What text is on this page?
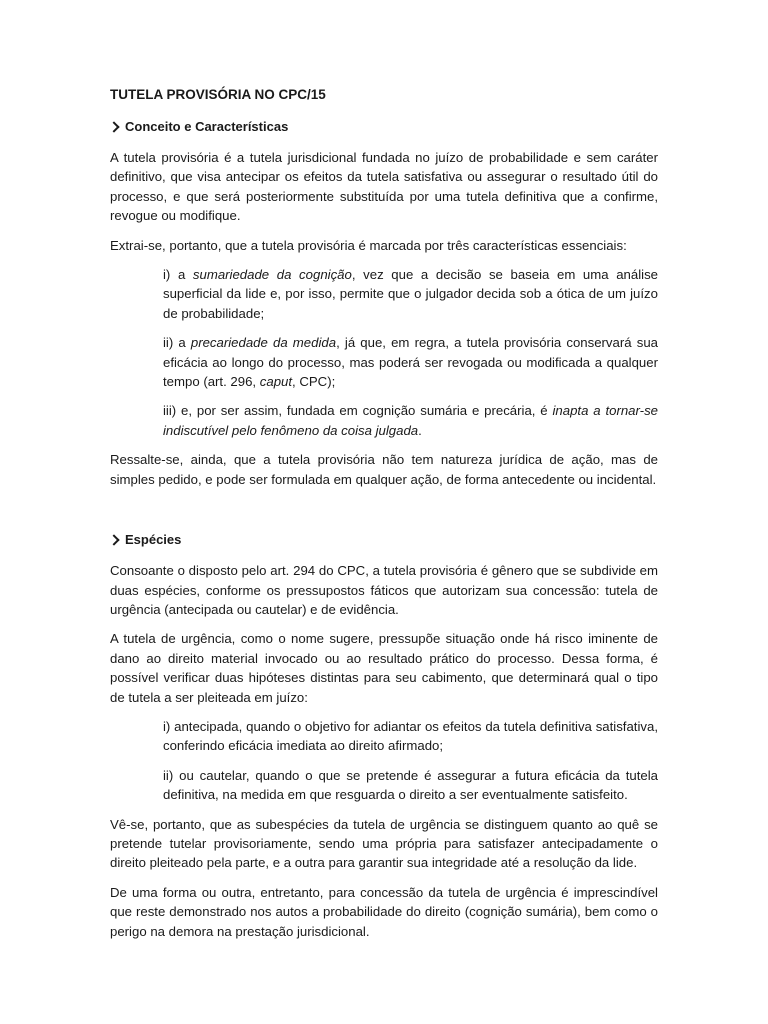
TUTELA PROVISÓRIA NO CPC/15
Conceito e Características

A tutela provisória é a tutela jurisdicional fundada no juízo de probabilidade e sem caráter definitivo, que visa antecipar os efeitos da tutela satisfativa ou assegurar o resultado útil do processo, e que será posteriormente substituída por uma tutela definitiva que a confirme, revogue ou modifique.

Extrai-se, portanto, que a tutela provisória é marcada por três características essenciais:

i) a sumariedade da cognição, vez que a decisão se baseia em uma análise superficial da lide e, por isso, permite que o julgador decida sob a ótica de um juízo de probabilidade;

ii) a precariedade da medida, já que, em regra, a tutela provisória conservará sua eficácia ao longo do processo, mas poderá ser revogada ou modificada a qualquer tempo (art. 296, caput, CPC);

iii) e, por ser assim, fundada em cognição sumária e precária, é inapta a tornar-se indiscutível pelo fenômeno da coisa julgada.

Ressalte-se, ainda, que a tutela provisória não tem natureza jurídica de ação, mas de simples pedido, e pode ser formulada em qualquer ação, de forma antecedente ou incidental.

Espécies

Consoante o disposto pelo art. 294 do CPC, a tutela provisória é gênero que se subdivide em duas espécies, conforme os pressupostos fáticos que autorizam sua concessão: tutela de urgência (antecipada ou cautelar) e de evidência.

A tutela de urgência, como o nome sugere, pressupõe situação onde há risco iminente de dano ao direito material invocado ou ao resultado prático do processo. Dessa forma, é possível verificar duas hipóteses distintas para seu cabimento, que determinará qual o tipo de tutela a ser pleiteada em juízo:

i) antecipada, quando o objetivo for adiantar os efeitos da tutela definitiva satisfativa, conferindo eficácia imediata ao direito afirmado;

ii) ou cautelar, quando o que se pretende é assegurar a futura eficácia da tutela definitiva, na medida em que resguarda o direito a ser eventualmente satisfeito.

Vê-se, portanto, que as subespécies da tutela de urgência se distinguem quanto ao quê se pretende tutelar provisoriamente, sendo uma própria para satisfazer antecipadamente o direito pleiteado pela parte, e a outra para garantir sua integridade até a resolução da lide.

De uma forma ou outra, entretanto, para concessão da tutela de urgência é imprescindível que reste demonstrado nos autos a probabilidade do direito (cognição sumária), bem como o perigo na demora na prestação jurisdicional.
